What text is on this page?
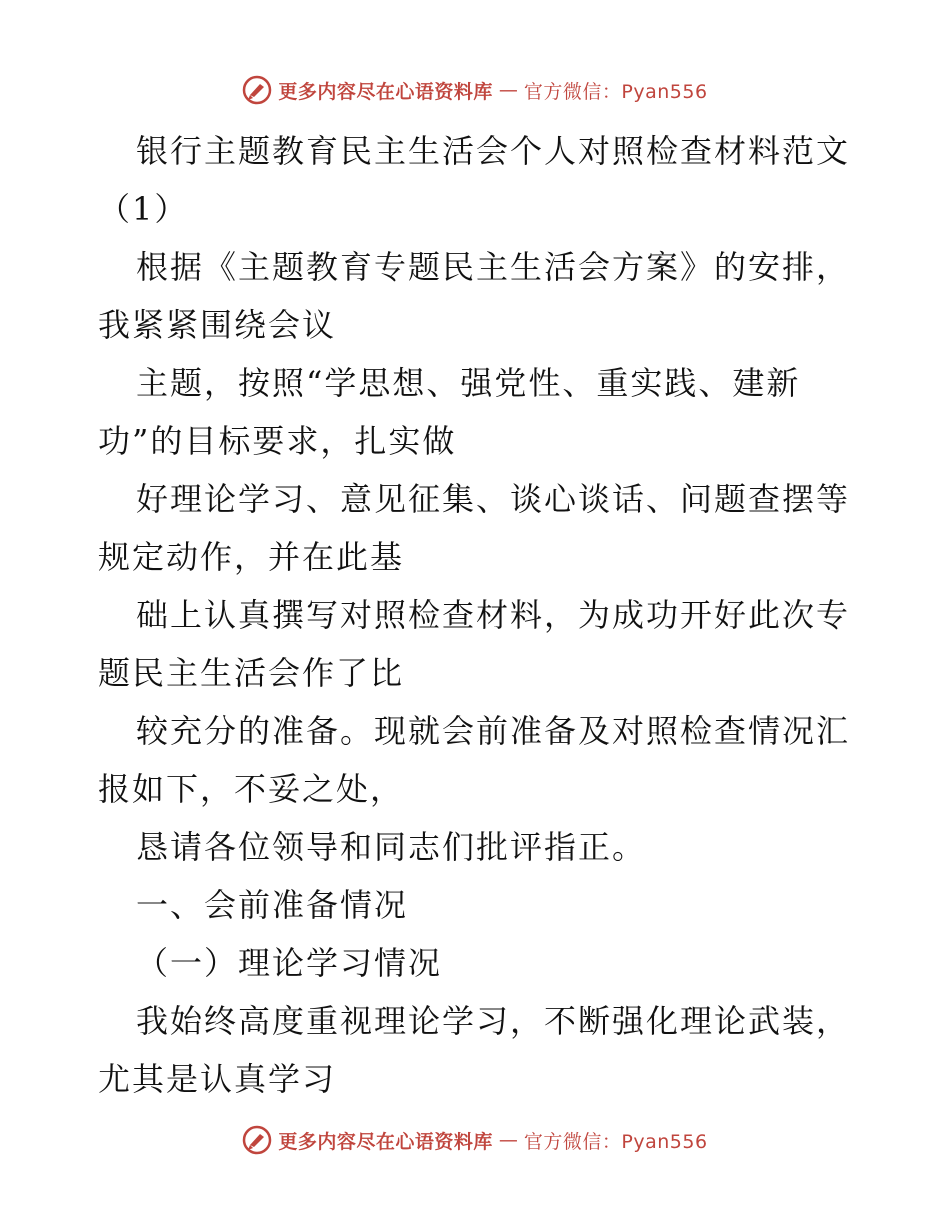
更多内容尽在心语资料库 — 官方微信：Pyan556

银行主题教育民主生活会个人对照检查材料范文（1）

根据《主题教育专题民主生活会方案》的安排，我紧紧围绕会议

主题，按照“学思想、强党性、重实践、建新功”的目标要求，扎实做

好理论学习、意见征集、谈心谈话、问题查摆等规定动作，并在此基

础上认真撰写对照检查材料，为成功开好此次专题民主生活会作了比

较充分的准备。现就会前准备及对照检查情况汇报如下，不妥之处，

恳请各位领导和同志们批评指正。

一、会前准备情况

（一）理论学习情况

我始终高度重视理论学习，不断强化理论武装，尤其是认真学习

更多内容尽在心语资料库 — 官方微信：Pyan556
